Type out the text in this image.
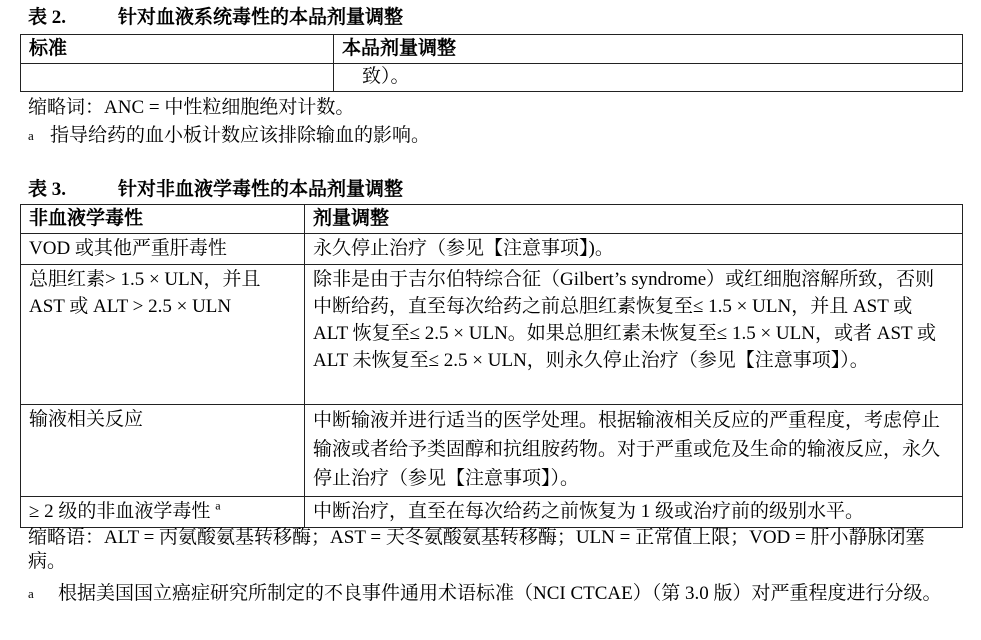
表 2.	针对血液系统毒性的本品剂量调整
标准	本品剂量调整
	致）。
缩略词：ANC = 中性粒细胞绝对计数。
a 指导给药的血小板计数应该排除输血的影响。
表 3.	针对非血液学毒性的本品剂量调整
非血液学毒性	剂量调整
VOD 或其他严重肝毒性	永久停止治疗（参见【注意事项】)。
总胆红素> 1.5 × ULN，并且 AST 或 ALT > 2.5 × ULN	除非是由于吉尔伯特综合征（Gilbert’s syndrome）或红细胞溶解所致，否则中断给药，直至每次给药之前总胆红素恢复至≤ 1.5 × ULN，并且 AST 或 ALT 恢复至≤ 2.5 × ULN。如果总胆红素未恢复至≤ 1.5 × ULN，或者 AST 或 ALT 未恢复至≤ 2.5 × ULN，则永久停止治疗（参见【注意事项】）。
输液相关反应	中断输液并进行适当的医学处理。根据输液相关反应的严重程度，考虑停止输液或者给予类固醇和抗组胺药物。对于严重或危及生命的输液反应，永久停止治疗（参见【注意事项】）。
≥ 2 级的非血液学毒性 $^a$	中断治疗，直至在每次给药之前恢复为 1 级或治疗前的级别水平。
缩略语：ALT = 丙氨酸氨基转移酶；AST = 天冬氨酸氨基转移酶；ULN = 正常值上限；VOD = 肝小静脉闭塞病。
a	根据美国国立癌症研究所制定的不良事件通用术语标准（NCI CTCAE）（第 3.0 版）对严重程度进行分级。
